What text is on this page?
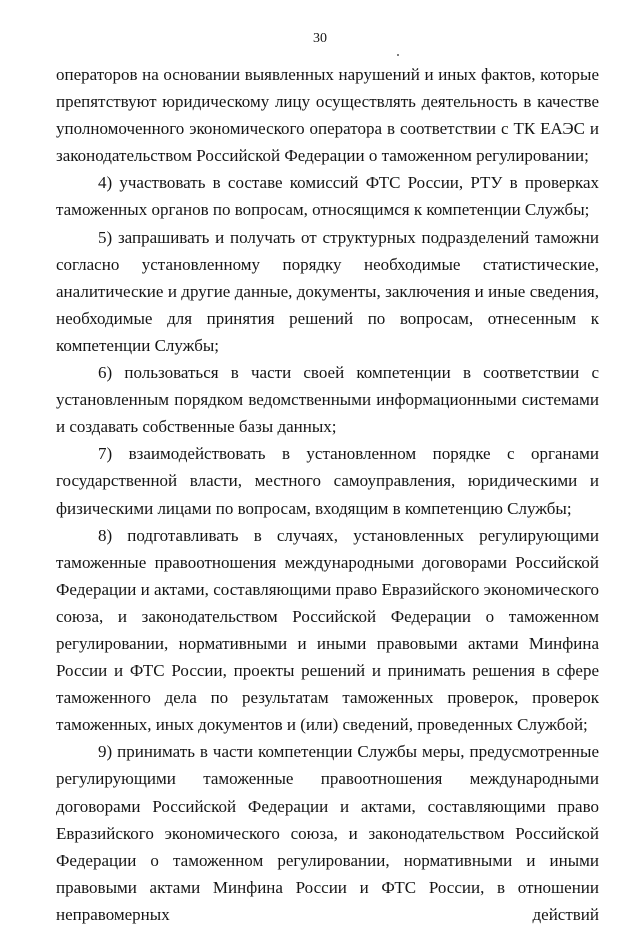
30

операторов на основании выявленных нарушений и иных фактов, которые препятствуют юридическому лицу осуществлять деятельность в качестве уполномоченного экономического оператора в соответствии с ТК ЕАЭС и законодательством Российской Федерации о таможенном регулировании;

4) участвовать в составе комиссий ФТС России, РТУ в проверках таможенных органов по вопросам, относящимся к компетенции Службы;

5) запрашивать и получать от структурных подразделений таможни согласно установленному порядку необходимые статистические, аналитические и другие данные, документы, заключения и иные сведения, необходимые для принятия решений по вопросам, отнесенным к компетенции Службы;

6) пользоваться в части своей компетенции в соответствии с установленным порядком ведомственными информационными системами и создавать собственные базы данных;

7) взаимодействовать в установленном порядке с органами государственной власти, местного самоуправления, юридическими и физическими лицами по вопросам, входящим в компетенцию Службы;

8) подготавливать в случаях, установленных регулирующими таможенные правоотношения международными договорами Российской Федерации и актами, составляющими право Евразийского экономического союза, и законодательством Российской Федерации о таможенном регулировании, нормативными и иными правовыми актами Минфина России и ФТС России, проекты решений и принимать решения в сфере таможенного дела по результатам таможенных проверок, проверок таможенных, иных документов и (или) сведений, проведенных Службой;

9) принимать в части компетенции Службы меры, предусмотренные регулирующими таможенные правоотношения международными договорами Российской Федерации и актами, составляющими право Евразийского экономического союза, и законодательством Российской Федерации о таможенном регулировании, нормативными и иными правовыми актами Минфина России и ФТС России, в отношении неправомерных действий
